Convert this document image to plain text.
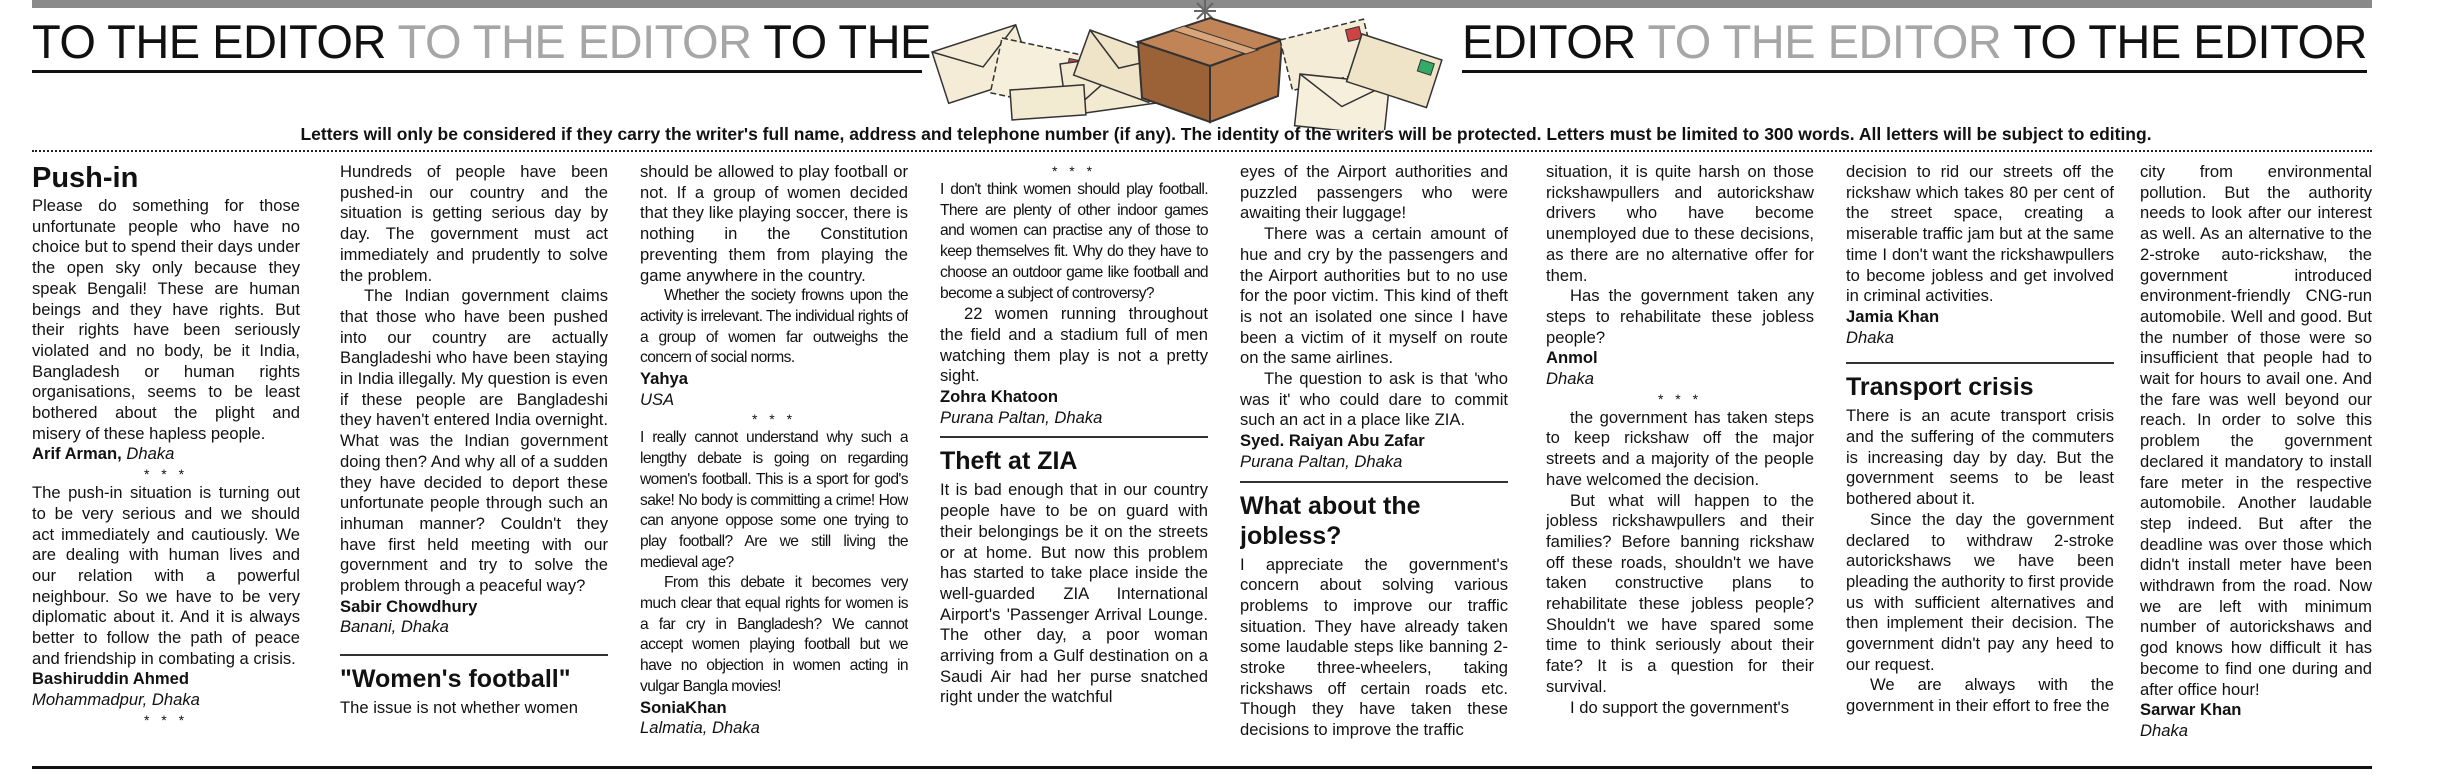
TO THE EDITOR TO THE EDITOR TO THE	EDITOR TO THE EDITOR TO THE EDITOR
Letters will only be considered if they carry the writer's full name, address and telephone number (if any). The identity of the writers will be protected. Letters must be limited to 300 words. All letters will be subject to editing.
Push-in

Please do something for those unfortunate people who have no choice but to spend their days under the open sky only because they speak Bengali! These are human beings and they have rights. But their rights have been seriously violated and no body, be it India, Bangladesh or human rights organisations, seems to be least bothered about the plight and misery of these hapless people.

Arif Arman, Dhaka

* * *

The push-in situation is turning out to be very serious and we should act immediately and cautiously. We are dealing with human lives and our relation with a powerful neighbour. So we have to be very diplomatic about it. And it is always better to follow the path of peace and friendship in combating a crisis.

Bashiruddin Ahmed

Mohammadpur, Dhaka

* * *

Hundreds of people have been pushed-in our country and the situation is getting serious day by day. The government must act immediately and prudently to solve the problem.

The Indian government claims that those who have been pushed into our country are actually Bangladeshi who have been staying in India illegally. My question is even if these people are Bangladeshi they haven't entered India overnight. What was the Indian government doing then? And why all of a sudden they have decided to deport these unfortunate people through such an inhuman manner? Couldn't they have first held meeting with our government and try to solve the problem through a peaceful way?

Sabir Chowdhury

Banani, Dhaka

"Women's football"

The issue is not whether women

should be allowed to play football or not. If a group of women decided that they like playing soccer, there is nothing in the Constitution preventing them from playing the game anywhere in the country.

Whether the society frowns upon the activity is irrelevant. The individual rights of a group of women far outweighs the concern of social norms.

Yahya

USA

* * *

I really cannot understand why such a lengthy debate is going on regarding women's football. This is a sport for god's sake! No body is committing a crime! How can anyone oppose some one trying to play football? Are we still living the medieval age?

From this debate it becomes very much clear that equal rights for women is a far cry in Bangladesh? We cannot accept women playing football but we have no objection in women acting in vulgar Bangla movies!

SoniaKhan

Lalmatia, Dhaka

* * *

I don't think women should play football. There are plenty of other indoor games and women can practise any of those to keep themselves fit. Why do they have to choose an outdoor game like football and become a subject of controversy?

22 women running throughout the field and a stadium full of men watching them play is not a pretty sight.

Zohra Khatoon

Purana Paltan, Dhaka

Theft at ZIA

It is bad enough that in our country people have to be on guard with their belongings be it on the streets or at home. But now this problem has started to take place inside the well-guarded ZIA International Airport's 'Passenger Arrival Lounge. The other day, a poor woman arriving from a Gulf destination on a Saudi Air had her purse snatched right under the watchful

eyes of the Airport authorities and puzzled passengers who were awaiting their luggage!

There was a certain amount of hue and cry by the passengers and the Airport authorities but to no use for the poor victim. This kind of theft is not an isolated one since I have been a victim of it myself on route on the same airlines.

The question to ask is that 'who was it' who could dare to commit such an act in a place like ZIA.

Syed. Raiyan Abu Zafar

Purana Paltan, Dhaka

What about the jobless?

I appreciate the government's concern about solving various problems to improve our traffic situation. They have already taken some laudable steps like banning 2-stroke three-wheelers, taking rickshaws off certain roads etc. Though they have taken these decisions to improve the traffic

situation, it is quite harsh on those rickshawpullers and autorickshaw drivers who have become unemployed due to these decisions, as there are no alternative offer for them.

Has the government taken any steps to rehabilitate these jobless people?

Anmol

Dhaka

* * *

the government has taken steps to keep rickshaw off the major streets and a majority of the people have welcomed the decision.

But what will happen to the jobless rickshawpullers and their families? Before banning rickshaw off these roads, shouldn't we have taken constructive plans to rehabilitate these jobless people? Shouldn't we have spared some time to think seriously about their fate? It is a question for their survival.

I do support the government's

decision to rid our streets off the rickshaw which takes 80 per cent of the street space, creating a miserable traffic jam but at the same time I don't want the rickshawpullers to become jobless and get involved in criminal activities.

Jamia Khan

Dhaka

Transport crisis

There is an acute transport crisis and the suffering of the commuters is increasing day by day. But the government seems to be least bothered about it.

Since the day the government declared to withdraw 2-stroke autorickshaws we have been pleading the authority to first provide us with sufficient alternatives and then implement their decision. The government didn't pay any heed to our request.

We are always with the government in their effort to free the

city from environmental pollution. But the authority needs to look after our interest as well. As an alternative to the 2-stroke auto-rickshaw, the government introduced environment-friendly CNG-run automobile. Well and good. But the number of those were so insufficient that people had to wait for hours to avail one. And the fare was well beyond our reach. In order to solve this problem the government declared it mandatory to install fare meter in the respective automobile. Another laudable step indeed. But after the deadline was over those which didn't install meter have been withdrawn from the road. Now we are left with minimum number of autorickshaws and god knows how difficult it has become to find one during and after office hour!

Sarwar Khan

Dhaka
